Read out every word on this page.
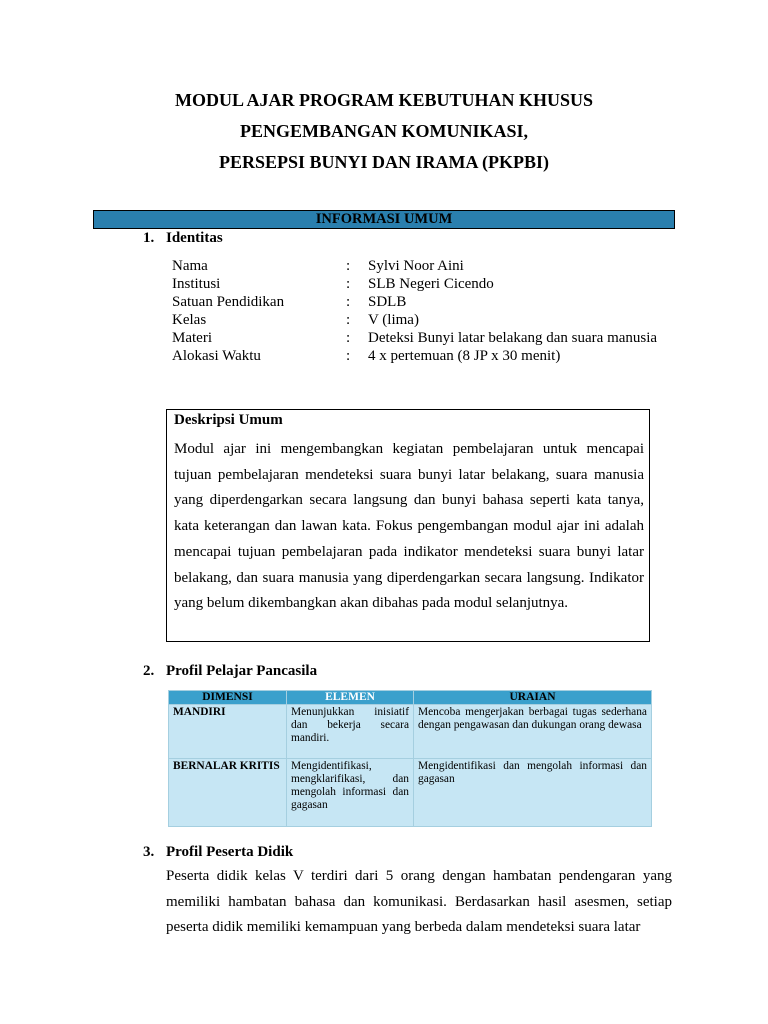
MODUL AJAR PROGRAM KEBUTUHAN KHUSUS
PENGEMBANGAN KOMUNIKASI,
PERSEPSI BUNYI DAN IRAMA (PKPBI)
INFORMASI UMUM
1. Identitas
Nama	: Sylvi Noor Aini
Institusi	: SLB Negeri Cicendo
Satuan Pendidikan	: SDLB
Kelas	: V (lima)
Materi	: Deteksi Bunyi latar belakang dan suara manusia
Alokasi Waktu	: 4 x pertemuan (8 JP x 30 menit)
Deskripsi Umum
Modul ajar ini mengembangkan kegiatan pembelajaran untuk mencapai tujuan pembelajaran mendeteksi suara bunyi latar belakang, suara manusia yang diperdengarkan secara langsung dan bunyi bahasa seperti kata tanya, kata keterangan dan lawan kata. Fokus pengembangan modul ajar ini adalah mencapai tujuan pembelajaran pada indikator mendeteksi suara bunyi latar belakang, dan suara manusia yang diperdengarkan secara langsung. Indikator yang belum dikembangkan akan dibahas pada modul selanjutnya.
2. Profil Pelajar Pancasila
DIMENSI	ELEMEN	URAIAN
MANDIRI	Menunjukkan inisiatif dan bekerja secara mandiri.	Mencoba mengerjakan berbagai tugas sederhana dengan pengawasan dan dukungan orang dewasa
BERNALAR KRITIS	Mengidentifikasi, mengklarifikasi, dan mengolah informasi dan gagasan	Mengidentifikasi dan mengolah informasi dan gagasan
3. Profil Peserta Didik
Peserta didik kelas V terdiri dari 5 orang dengan hambatan pendengaran yang memiliki hambatan bahasa dan komunikasi. Berdasarkan hasil asesmen, setiap peserta didik memiliki kemampuan yang berbeda dalam mendeteksi suara latar
